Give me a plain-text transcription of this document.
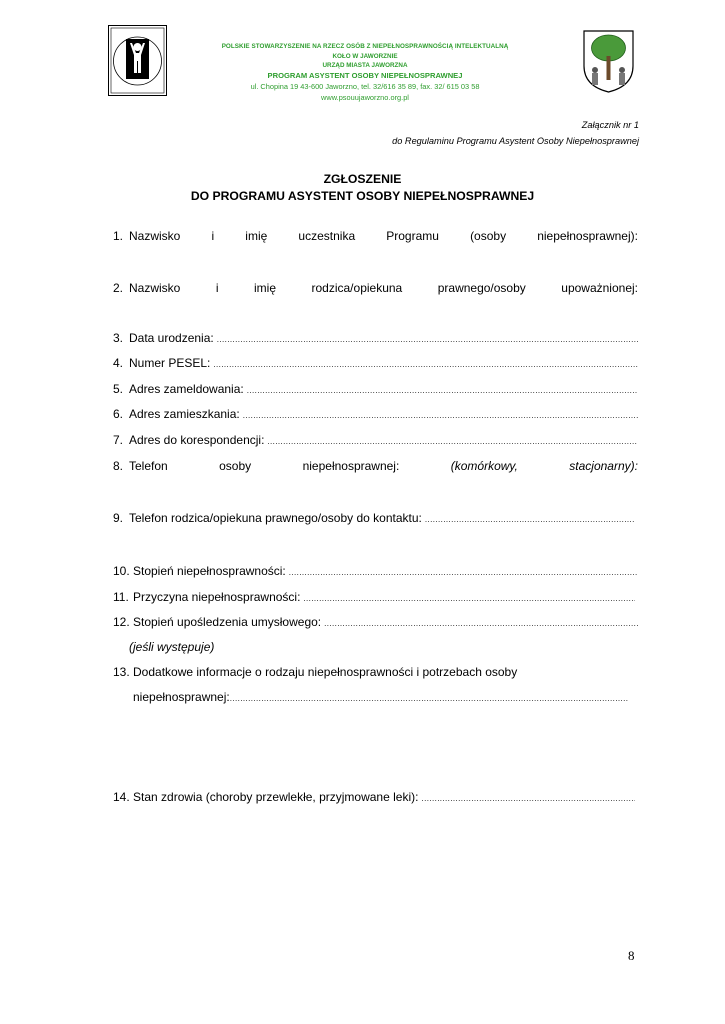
POLSKIE STOWARZYSZENIE NA RZECZ OSÓB Z NIEPEŁNOSPRAWNOŚCIĄ INTELEKTUALNĄ
KOŁO W JAWORZNIE
URZĄD MIASTA JAWORZNA
PROGRAM ASYSTENT OSOBY NIEPEŁNOSPRAWNEJ
ul. Chopina 19 43-600 Jaworzno, tel. 32/616 35 89, fax. 32/ 615 03 58
www.psouujaworzno.org.pl
Załącznik nr 1
do Regulaminu Programu Asystent Osoby Niepełnosprawnej
ZGŁOSZENIE
DO PROGRAMU ASYSTENT OSOBY NIEPEŁNOSPRAWNEJ
1. Nazwisko	i	imię	uczestnika	Programu	(osoby	niepełnosprawnej):
.....
2. Nazwisko	i	imię	rodzica/opiekuna	prawnego/osoby	upoważnionej:
.....
3. Data urodzenia:
.....
4. Numer PESEL:
.....
5. Adres zameldowania:
.....
6. Adres zamieszkania:
.....
7. Adres do korespondencji:
.....
8. Telefon	osoby	niepełnosprawnej:	(komórkowy,	stacjonarny):
.....
9. Telefon rodzica/opiekuna prawnego/osoby do kontaktu:
.....
.....
10. Stopień niepełnosprawności:
.....
11. Przyczyna niepełnosprawności:
.....
12. Stopień upośledzenia umysłowego:
.....
(jeśli występuje)
13. Dodatkowe informacje o rodzaju niepełnosprawności i potrzebach osoby
niepełnosprawnej:
.....
.....
.....
.....
14. Stan zdrowia (choroby przewlekłe, przyjmowane leki):
.....
.....
.....
.....
.....
.....
8
